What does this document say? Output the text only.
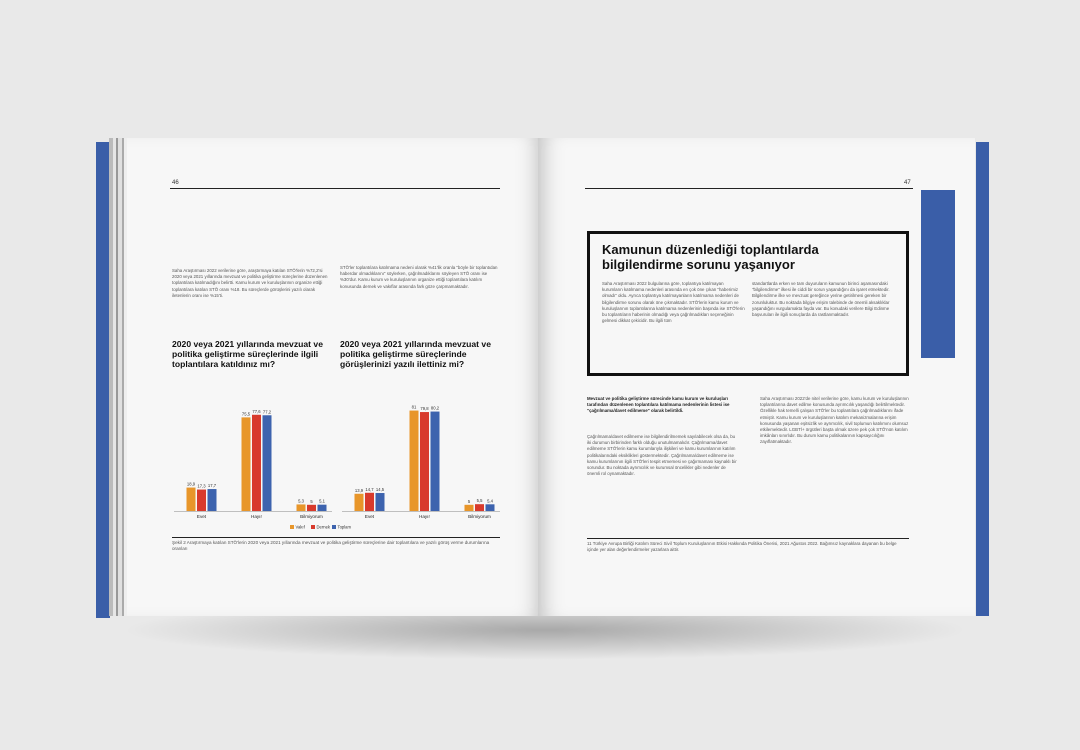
46
Saha Araştırması 2022 verilerine göre, araştırmaya katılan STÖ'lerin %72,2'si 2020 veya 2021 yıllarında mevzuat ve politika geliştirme süreçlerine düzenlenen toplantılara katılmadığını belirtti. Kamu kurum ve kuruluşlarının organize ettiği toplantılara katılan STÖ oranı %18. Bu süreçlerde görüşlerini yazılı olarak iletenlerin oranı ise %15'ti.
STÖ'ler toplantılara katılmama nedeni olarak %41'lik oranla "böyle bir toplantıdan haberdar olmadıklarını" söylerken, çağrılmadıklarını söyleyen STÖ oranı ise %30'dur. Kamu kurum ve kuruluşlarının organize ettiği toplantılara katılım konusunda dernek ve vakıflar arasında fark göze çarpmamaktadır.
2020 veya 2021 yıllarında mevzuat ve politika geliştirme süreçlerinde ilgili toplantılara katıldınız mı?
2020 veya 2021 yıllarında mevzuat ve politika geliştirme süreçlerinde görüşlerinizi yazılı ilettiniz mi?
18,9 17,3 17,7
Evet
75,5
77,6 77,2
Hayır
5,3 5 5,1
Bilmiyorum
Vakıf	Dernek Toplam
13,9 14,7 14,5
Evet
81 79,8 80,2
Hayır
5 5,5 5,4
Bilmiyorum
Şekil 2 Araştırmaya katılan STÖ'lerin 2020 veya 2021 yıllarında mevzuat ve politika geliştirme süreçlerine dair toplantılara ve yazılı görüş verme durumlarına oranları
47
Kamunun düzenlediği toplantılarda bilgilendirme sorunu yaşanıyor
Saha Araştırması 2022 bulgularına göre, toplantıya katılmayan kurumların katılmama nedenleri arasında en çok öne çıkan "haberimiz olmadı" oldu. Ayrıca toplantıya katılmayanların katılmama nedenleri de bilgilendirme sorunu olarak öne çıkmaktadır. STÖ'lerin kamu kurum ve kuruluşlarının toplantılarına katılmama nedenlerinin başında ise STÖ'lerin bu toplantıların haberinin olmadığı veya çağrılmadıkları seçeneğinin gelmesi dikkat çekicidir. Bu ilgili tüm
standartlarda erken ve tam duyuruların kamunun birinci aşamasındaki "bilgilendirme" ilkesi ile ciddi bir sorun yaşandığını da işaret etmektedir. Bilgilendirme ilke ve mevzuat gereğince yerine getirilmesi gereken bir zorunluluktur. Bu noktada bilgiye erişim talebinde de önemli aksaklıklar yaşandığını vurgulamakta fayda var. Bu konudaki verilere Bilgi Edinme başvuruları ile ilgili sonuçlarda da rastlanmaktadır.
Mevzuat ve politika geliştirme sürecinde kamu kurum ve kuruluşları tarafından düzenlenen toplantılara katılmama nedenlerinin listesi ise "çağrılmama/davet edilmeme" olarak belirtildi.
Çağrılmama/davet edilmeme ise bilgilendirilmemek sayılabilecek olsa da, bu iki durumun birbirinden farklı olduğu unutulmamalıdır. Çağrılmama/davet edilmeme STÖ'lerin kamu kurumlarıyla ilişkileri ve kamu kurumlarının katılım politikalarındaki eksiklikleri göstermektedir. Çağrılmama/davet edilmeme ise kamu kurumlarının ilgili STÖ'leri tespit etmemesi ve çağırmaması kaynaklı bir sorundur. Bu noktada ayrımcılık ve kurumsal öncelikler gibi nedenler de önemli rol oynamaktadır.
Saha Araştırması 2022'de nitel verilerine göre, kamu kurum ve kuruluşlarının toplantılarına davet edilme konusunda ayrımcılık yaşandığı belirtilmektedir. Özellikle hak temelli çalışan STÖ'ler bu toplantılara çağrılmadıklarını ifade etmiştir. Kamu kurum ve kuruluşlarının katılım mekanizmalarına erişim konusunda yaşanan eşitsizlik ve ayrımcılık, sivil toplumun katılımını olumsuz etkilemektedir. LGBTİ+ örgütleri başta olmak üzere pek çok STÖ'nün katılım imkânları sınırlıdır. Bu durum kamu politikalarının kapsayıcılığını zayıflatmaktadır.
11 Türkiye Avrupa Birliği Katılım Süreci Sivil Toplum Kuruluşlarının Etkisi Hakkında Politika Önerisi, 2021 Ağustos 2022. Bağımsız kaynaklara dayanan bu belge içinde yer alan değerlendirmeler yazarlara aittir.
